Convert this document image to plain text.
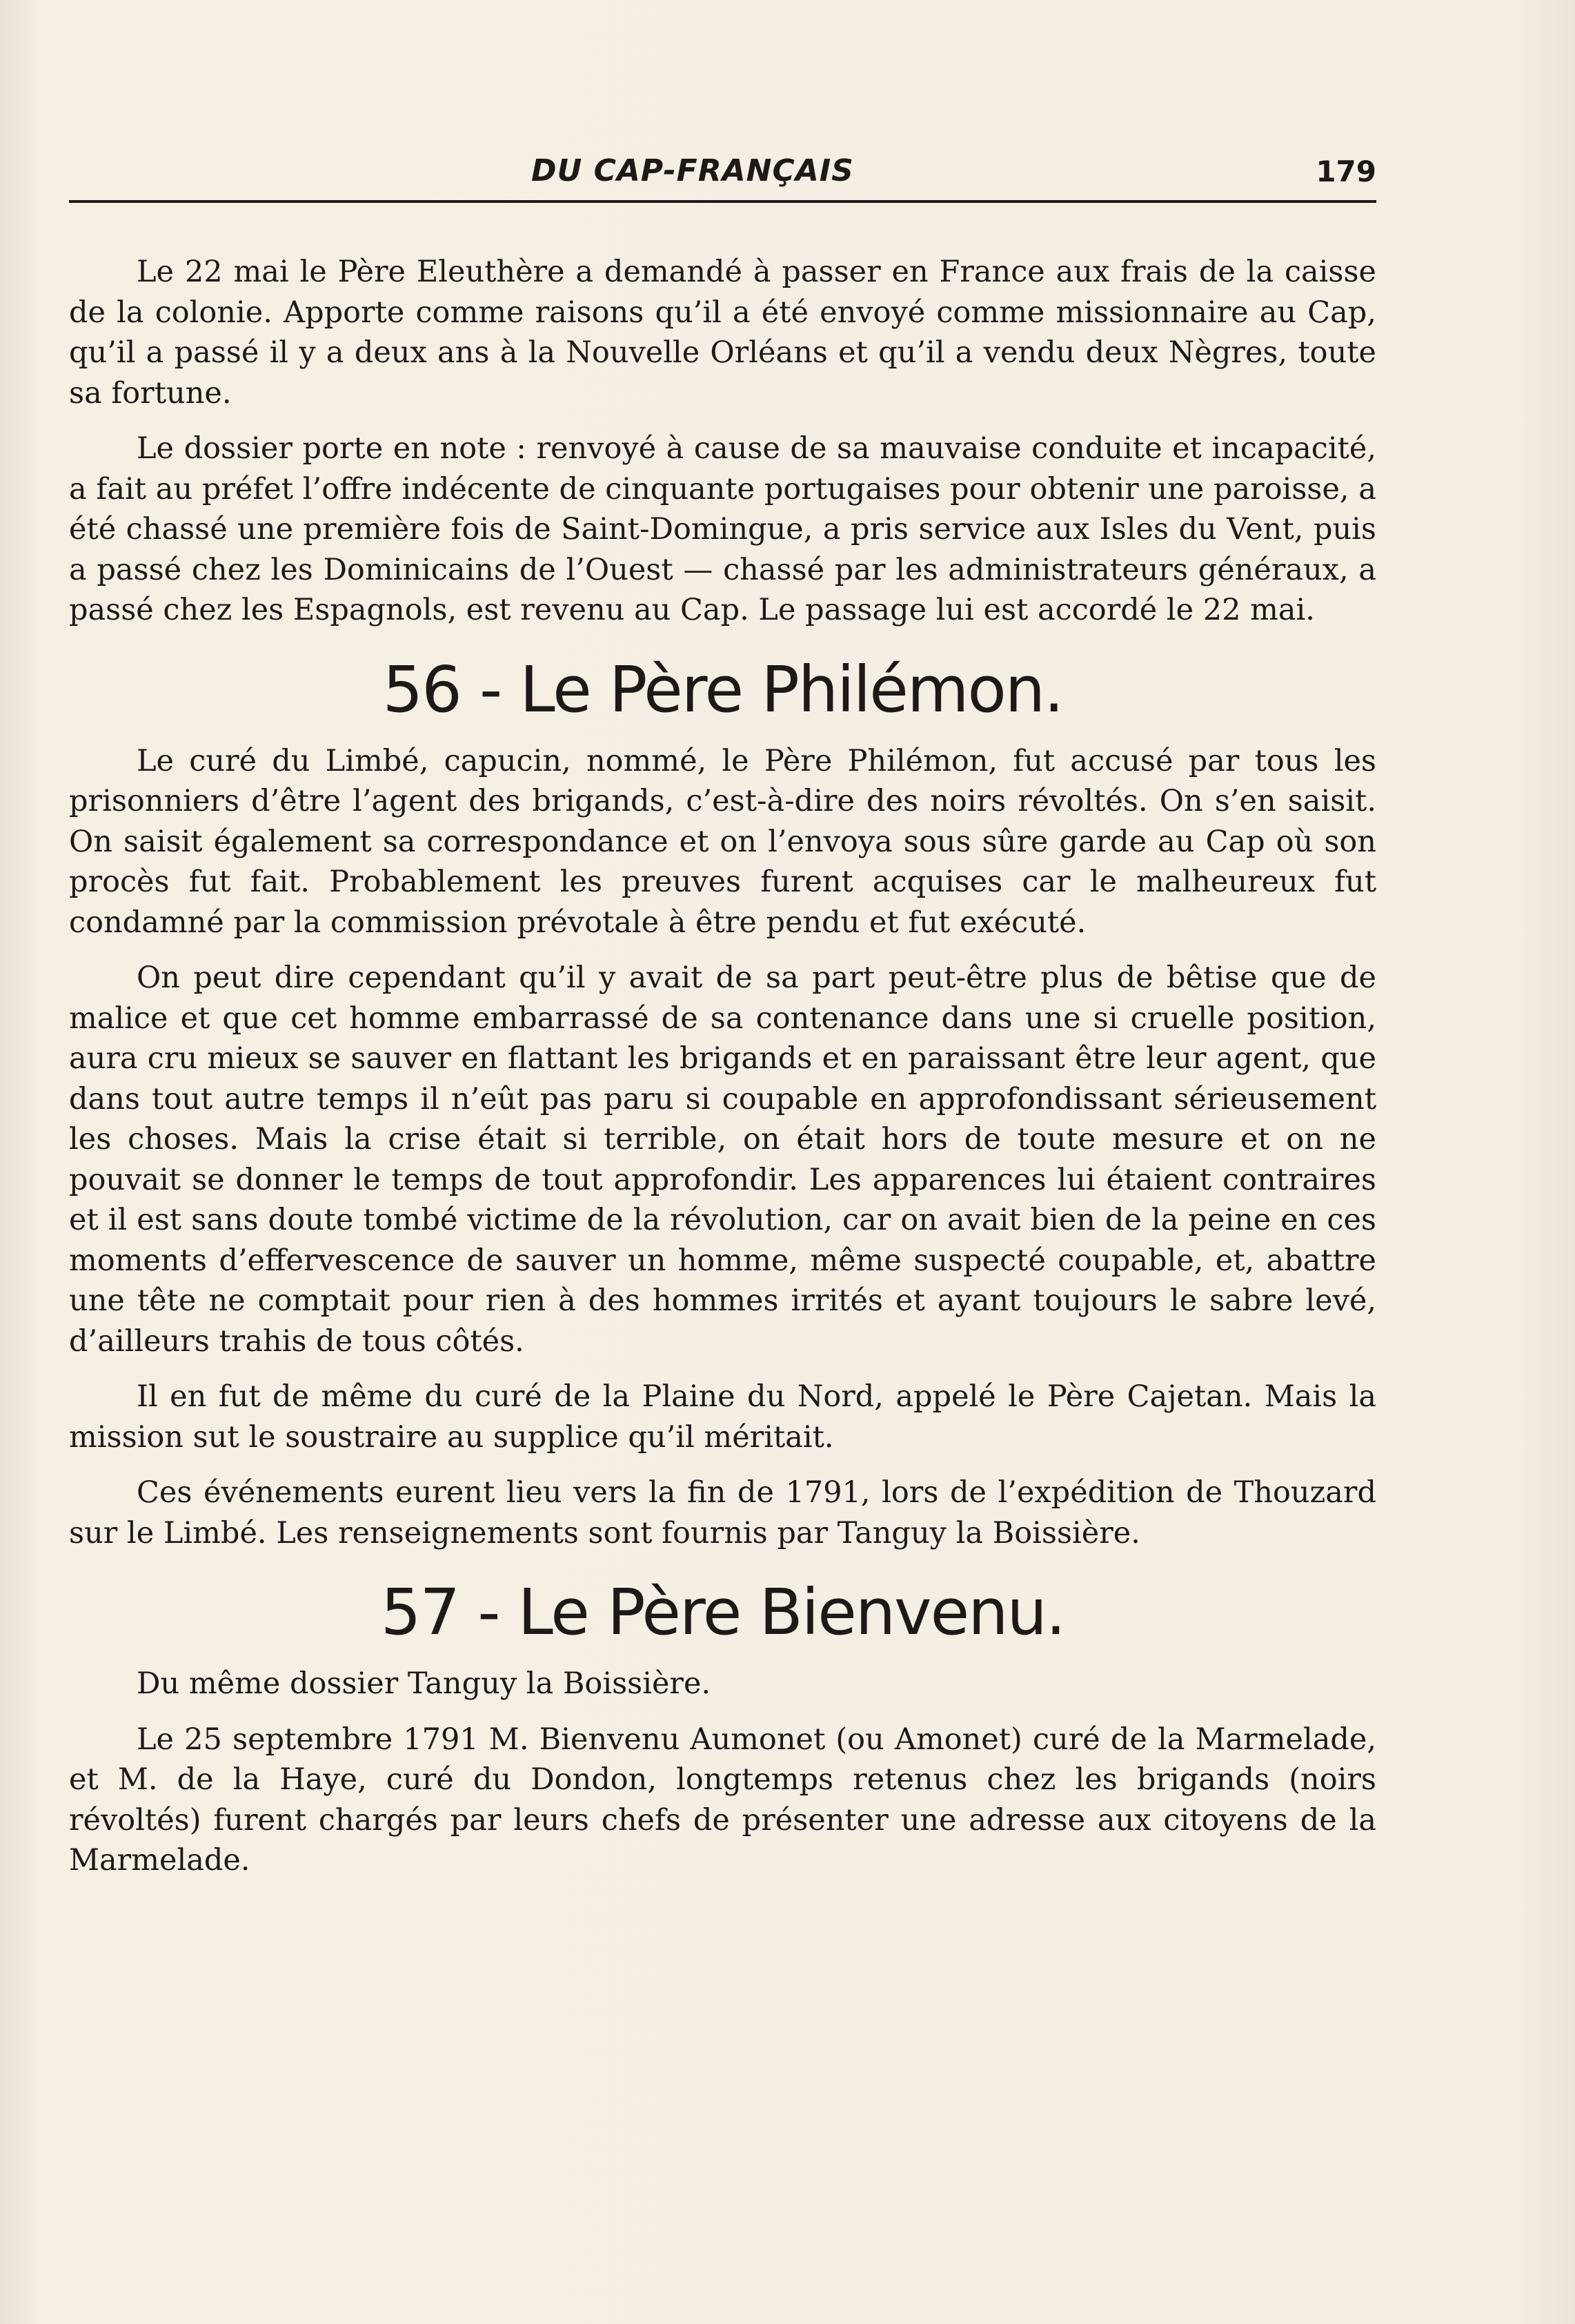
DU CAP-FRANÇAIS	179

Le 22 mai le Père Eleuthère a demandé à passer en France aux frais de la caisse de la colonie. Apporte comme raisons qu’il a été envoyé comme missionnaire au Cap, qu’il a passé il y a deux ans à la Nouvelle Orléans et qu’il a vendu deux Nègres, toute sa fortune.

Le dossier porte en note : renvoyé à cause de sa mauvaise conduite et incapacité, a fait au préfet l’offre indécente de cinquante portugaises pour obtenir une paroisse, a été chassé une première fois de Saint-Domingue, a pris service aux Isles du Vent, puis a passé chez les Dominicains de l’Ouest — chassé par les administrateurs généraux, a passé chez les Espagnols, est revenu au Cap. Le passage lui est accordé le 22 mai.

56 - Le Père Philémon.

Le curé du Limbé, capucin, nommé, le Père Philémon, fut accusé par tous les prisonniers d’être l’agent des brigands, c’est-à-dire des noirs révoltés. On s’en saisit. On saisit également sa correspondance et on l’envoya sous sûre garde au Cap où son procès fut fait. Probablement les preuves furent acquises car le malheureux fut condamné par la commission prévotale à être pendu et fut exécuté.

On peut dire cependant qu’il y avait de sa part peut-être plus de bêtise que de malice et que cet homme embarrassé de sa contenance dans une si cruelle position, aura cru mieux se sauver en flattant les brigands et en paraissant être leur agent, que dans tout autre temps il n’eût pas paru si coupable en approfondissant sérieusement les choses. Mais la crise était si terrible, on était hors de toute mesure et on ne pouvait se donner le temps de tout approfondir. Les apparences lui étaient contraires et il est sans doute tombé victime de la révolution, car on avait bien de la peine en ces moments d’effervescence de sauver un homme, même suspecté coupable, et, abattre une tête ne comptait pour rien à des hommes irrités et ayant toujours le sabre levé, d’ailleurs trahis de tous côtés.

Il en fut de même du curé de la Plaine du Nord, appelé le Père Cajetan. Mais la mission sut le soustraire au supplice qu’il méritait.

Ces événements eurent lieu vers la fin de 1791, lors de l’expédition de Thouzard sur le Limbé. Les renseignements sont fournis par Tanguy la Boissière.

57 - Le Père Bienvenu.

Du même dossier Tanguy la Boissière.

Le 25 septembre 1791 M. Bienvenu Aumonet (ou Amonet) curé de la Marmelade, et M. de la Haye, curé du Dondon, longtemps retenus chez les brigands (noirs révoltés) furent chargés par leurs chefs de présenter une adresse aux citoyens de la Marmelade.
